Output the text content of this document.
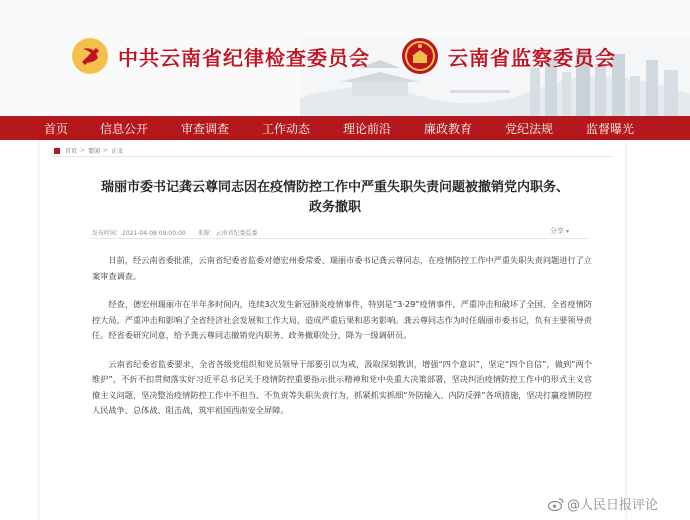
中共云南省纪律检查委员会	云南省监察委员会
首页	信息公开	审查调查	工作动态	理论前沿	廉政教育	党纪法规	监督曝光
首页 > 要闻 > 正文
瑞丽市委书记龚云尊同志因在疫情防控工作中严重失职失责问题被撤销党内职务、政务撤职
发布时间：2021-04-08 09:00:00 来源：云南省纪委监委	分享 ▾

日前，经云南省委批准，云南省纪委省监委对德宏州委常委、瑞丽市委书记龚云尊同志，在疫情防控工作中严重失职失责问题进行了立案审查调查。

经查，德宏州瑞丽市在半年多时间内，连续3次发生新冠肺炎疫情事件，特别是“3·29”疫情事件，严重冲击和破坏了全国、全省疫情防控大局，严重冲击和影响了全省经济社会发展和工作大局，造成严重后果和恶劣影响。龚云尊同志作为时任瑞丽市委书记，负有主要领导责任。经省委研究同意，给予龚云尊同志撤销党内职务、政务撤职处分，降为一级调研员。

云南省纪委省监委要求，全省各级党组织和党员领导干部要引以为戒，汲取深刻教训，增强“四个意识”，坚定“四个自信”，做到“两个维护”，不折不扣贯彻落实好习近平总书记关于疫情防控重要指示批示精神和党中央重大决策部署，坚决纠治疫情防控工作中的形式主义官僚主义问题，坚决整治疫情防控工作中不担当、不负责等失职失责行为，抓紧抓实抓细“外防输入、内防反弹”各项措施，坚决打赢疫情防控人民战争、总体战、阻击战，筑牢祖国西南安全屏障。

@人民日报评论
